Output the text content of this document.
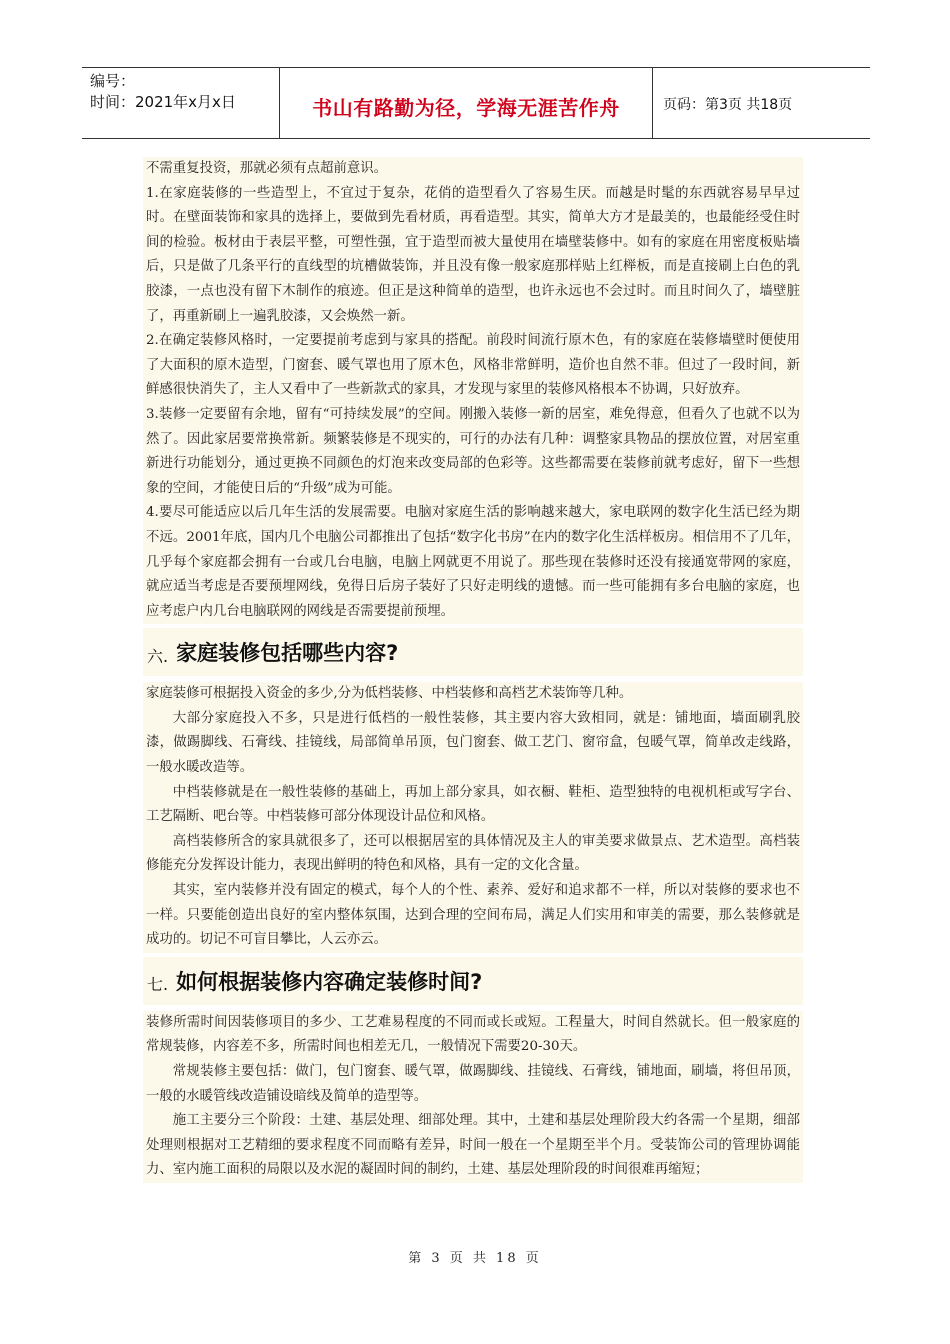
编号：
时间：2021年x月x日	书山有路勤为径，学海无涯苦作舟	页码：第3页 共18页

不需重复投资，那就必须有点超前意识。

1.在家庭装修的一些造型上，不宜过于复杂，花俏的造型看久了容易生厌。而越是时髦的东西就容易早早过时。在壁面装饰和家具的选择上，要做到先看材质，再看造型。其实，简单大方才是最美的，也最能经受住时间的检验。板材由于表层平整，可塑性强，宜于造型而被大量使用在墙壁装修中。如有的家庭在用密度板贴墙后，只是做了几条平行的直线型的坑槽做装饰，并且没有像一般家庭那样贴上红榉板，而是直接刷上白色的乳胶漆，一点也没有留下木制作的痕迹。但正是这种简单的造型，也许永远也不会过时。而且时间久了，墙壁脏了，再重新刷上一遍乳胶漆，又会焕然一新。

2.在确定装修风格时，一定要提前考虑到与家具的搭配。前段时间流行原木色，有的家庭在装修墙壁时便使用了大面积的原木造型，门窗套、暖气罩也用了原木色，风格非常鲜明，造价也自然不菲。但过了一段时间，新鲜感很快消失了，主人又看中了一些新款式的家具，才发现与家里的装修风格根本不协调，只好放弃。

3.装修一定要留有余地，留有“可持续发展”的空间。刚搬入装修一新的居室，难免得意，但看久了也就不以为然了。因此家居要常换常新。频繁装修是不现实的，可行的办法有几种：调整家具物品的摆放位置，对居室重新进行功能划分，通过更换不同颜色的灯泡来改变局部的色彩等。这些都需要在装修前就考虑好，留下一些想象的空间，才能使日后的“升级”成为可能。

4.要尽可能适应以后几年生活的发展需要。电脑对家庭生活的影响越来越大，家电联网的数字化生活已经为期不远。2001年底，国内几个电脑公司都推出了包括“数字化书房”在内的数字化生活样板房。相信用不了几年，几乎每个家庭都会拥有一台或几台电脑，电脑上网就更不用说了。那些现在装修时还没有接通宽带网的家庭，就应适当考虑是否要预埋网线，免得日后房子装好了只好走明线的遗憾。而一些可能拥有多台电脑的家庭，也应考虑户内几台电脑联网的网线是否需要提前预埋。

六. 家庭装修包括哪些内容?

家庭装修可根据投入资金的多少,分为低档装修、中档装修和高档艺术装饰等几种。

大部分家庭投入不多，只是进行低档的一般性装修，其主要内容大致相同，就是：铺地面，墙面刷乳胶漆，做踢脚线、石膏线、挂镜线，局部简单吊顶，包门窗套、做工艺门、窗帘盒，包暖气罩，简单改走线路，一般水暖改造等。

中档装修就是在一般性装修的基础上，再加上部分家具，如衣橱、鞋柜、造型独特的电视机柜或写字台、工艺隔断、吧台等。中档装修可部分体现设计品位和风格。

高档装修所含的家具就很多了，还可以根据居室的具体情况及主人的审美要求做景点、艺术造型。高档装修能充分发挥设计能力，表现出鲜明的特色和风格，具有一定的文化含量。

其实，室内装修并没有固定的模式，每个人的个性、素养、爱好和追求都不一样，所以对装修的要求也不一样。只要能创造出良好的室内整体氛围，达到合理的空间布局，满足人们实用和审美的需要，那么装修就是成功的。切记不可盲目攀比，人云亦云。

七. 如何根据装修内容确定装修时间?

装修所需时间因装修项目的多少、工艺难易程度的不同而或长或短。工程量大，时间自然就长。但一般家庭的常规装修，内容差不多，所需时间也相差无几，一般情况下需要20-30天。

常规装修主要包括：做门，包门窗套、暖气罩，做踢脚线、挂镜线、石膏线，铺地面，刷墙，将但吊顶，一般的水暖管线改造铺设暗线及简单的造型等。

施工主要分三个阶段：土建、基层处理、细部处理。其中，土建和基层处理阶段大约各需一个星期，细部处理则根据对工艺精细的要求程度不同而略有差异，时间一般在一个星期至半个月。受装饰公司的管理协调能力、室内施工面积的局限以及水泥的凝固时间的制约，土建、基层处理阶段的时间很难再缩短；

第 3 页 共 18 页
